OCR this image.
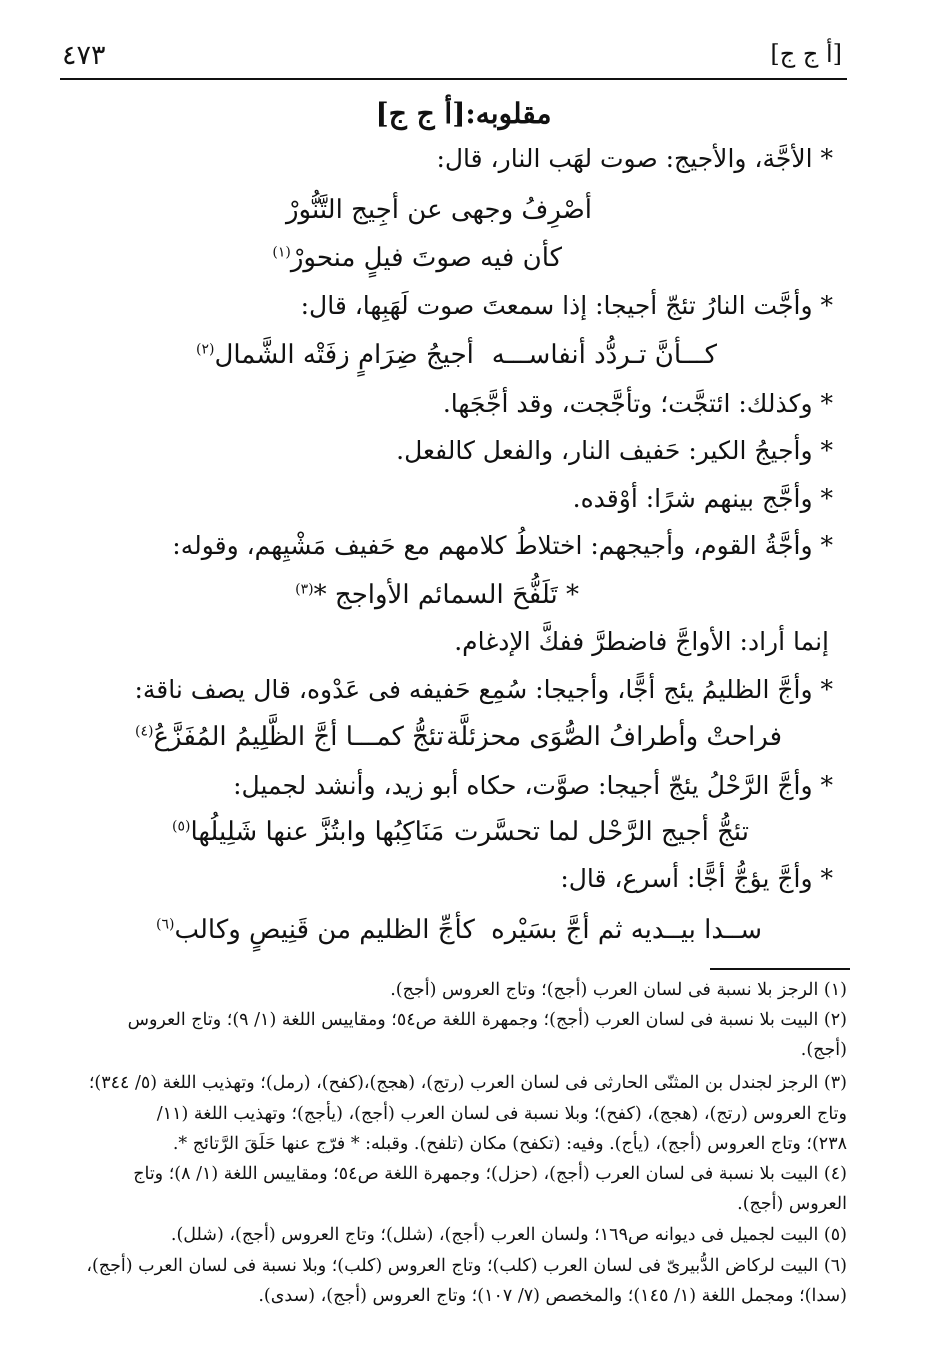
[أ ج ج]
٤٧٣
مقلوبه:[أ ج ج]
* الأجَّة، والأجيج: صوت لهَب النار، قال:
أصْرِفُ وجهى عن أجِيج التَّنُّورْ
كأن فيه صوتَ فيلٍ منحورْ$^{(١)}$
* وأجَّت النارُ تئجّ أجيجا: إذا سمعتَ صوت لَهَبِها، قال:
كـــأنَّ تـردُّد أنفاســـه
أجيجُ ضِرَامٍ زفَتْه الشَّمال$^{(٢)}$
* وكذلك: ائتجَّت؛ وتأجَّجت، وقد أجَّجَها.
* وأجيجُ الكير: حَفيف النار، والفعل كالفعل.
* وأجَّج بينهم شرًا: أوْقده.
* وأجَّةُ القوم، وأجيجهم: اختلاطُ كلامهم مع حَفيف مَشْيِهم، وقوله:
* تَلَفُّحَ السمائم الأواجج *$^{(٣)}$
إنما أراد: الأواجَّ فاضطرَّ ففكَّ الإدغام.
* وأجَّ الظليمُ يئج أجًّا، وأجيجا: سُمِع حَفيفه فى عَدْوه، قال يصف ناقة:
فراحتْ وأطرافُ الصُّوَى محزئلَّة
تئجُّ كمـــا أجَّ الظَّلِيمُ المُفَزَّعُ$^{(٤)}$
* وأجَّ الرَّحْلُ يئجّ أجيجا: صوَّت، حكاه أبو زيد، وأنشد لجميل:
تئجُّ أجيج الرَّحْل لما تحسَّرت
مَنَاكِبُها وابتُزَّ عنها شَلِيلُها$^{(٥)}$
* وأجَّ يؤجُّ أجًّا: أسرع، قال:
ســدا بيــديه ثم أجَّ بسَيْره
كأجِّ الظليم من قَنِيصٍ وكالب$^{(٦)}$
(١) الرجز بلا نسبة فى لسان العرب (أجج)؛ وتاج العروس (أجج).
(٢) البيت بلا نسبة فى لسان العرب (أجج)؛ وجمهرة اللغة ص٥٤؛ ومقاييس اللغة (١/ ٩)؛ وتاج العروس
(أجج).
(٣) الرجز لجندل بن المثنّى الحارثى فى لسان العرب (رتج)، (هجج)،(كفح)، (رمل)؛ وتهذيب اللغة (٥/ ٣٤٤)؛
وتاج العروس (رتج)، (هجج)، (كفح)؛ وبلا نسبة فى لسان العرب (أجج)، (يأجج)؛ وتهذيب اللغة (١١/
٢٣٨)؛ وتاج العروس (أجج)، (يأج). وفيه: (تكفح) مكان (تلفح). وقبله: * فرّج عنها حَلَقَ الرَّتائج *.
(٤) البيت بلا نسبة فى لسان العرب (أجج)، (حزل)؛ وجمهرة اللغة ص٥٤؛ ومقاييس اللغة (١/ ٨)؛ وتاج
العروس (أجج).
(٥) البيت لجميل فى ديوانه ص١٦٩؛ ولسان العرب (أجج)، (شلل)؛ وتاج العروس (أجج)، (شلل).
(٦) البيت لركاض الدُّبيرىّ فى لسان العرب (كلب)؛ وتاج العروس (كلب)؛ وبلا نسبة فى لسان العرب (أجج)،
(سدا)؛ ومجمل اللغة (١/ ١٤٥)؛ والمخصص (٧/ ١٠٧)؛ وتاج العروس (أجج)، (سدى).
